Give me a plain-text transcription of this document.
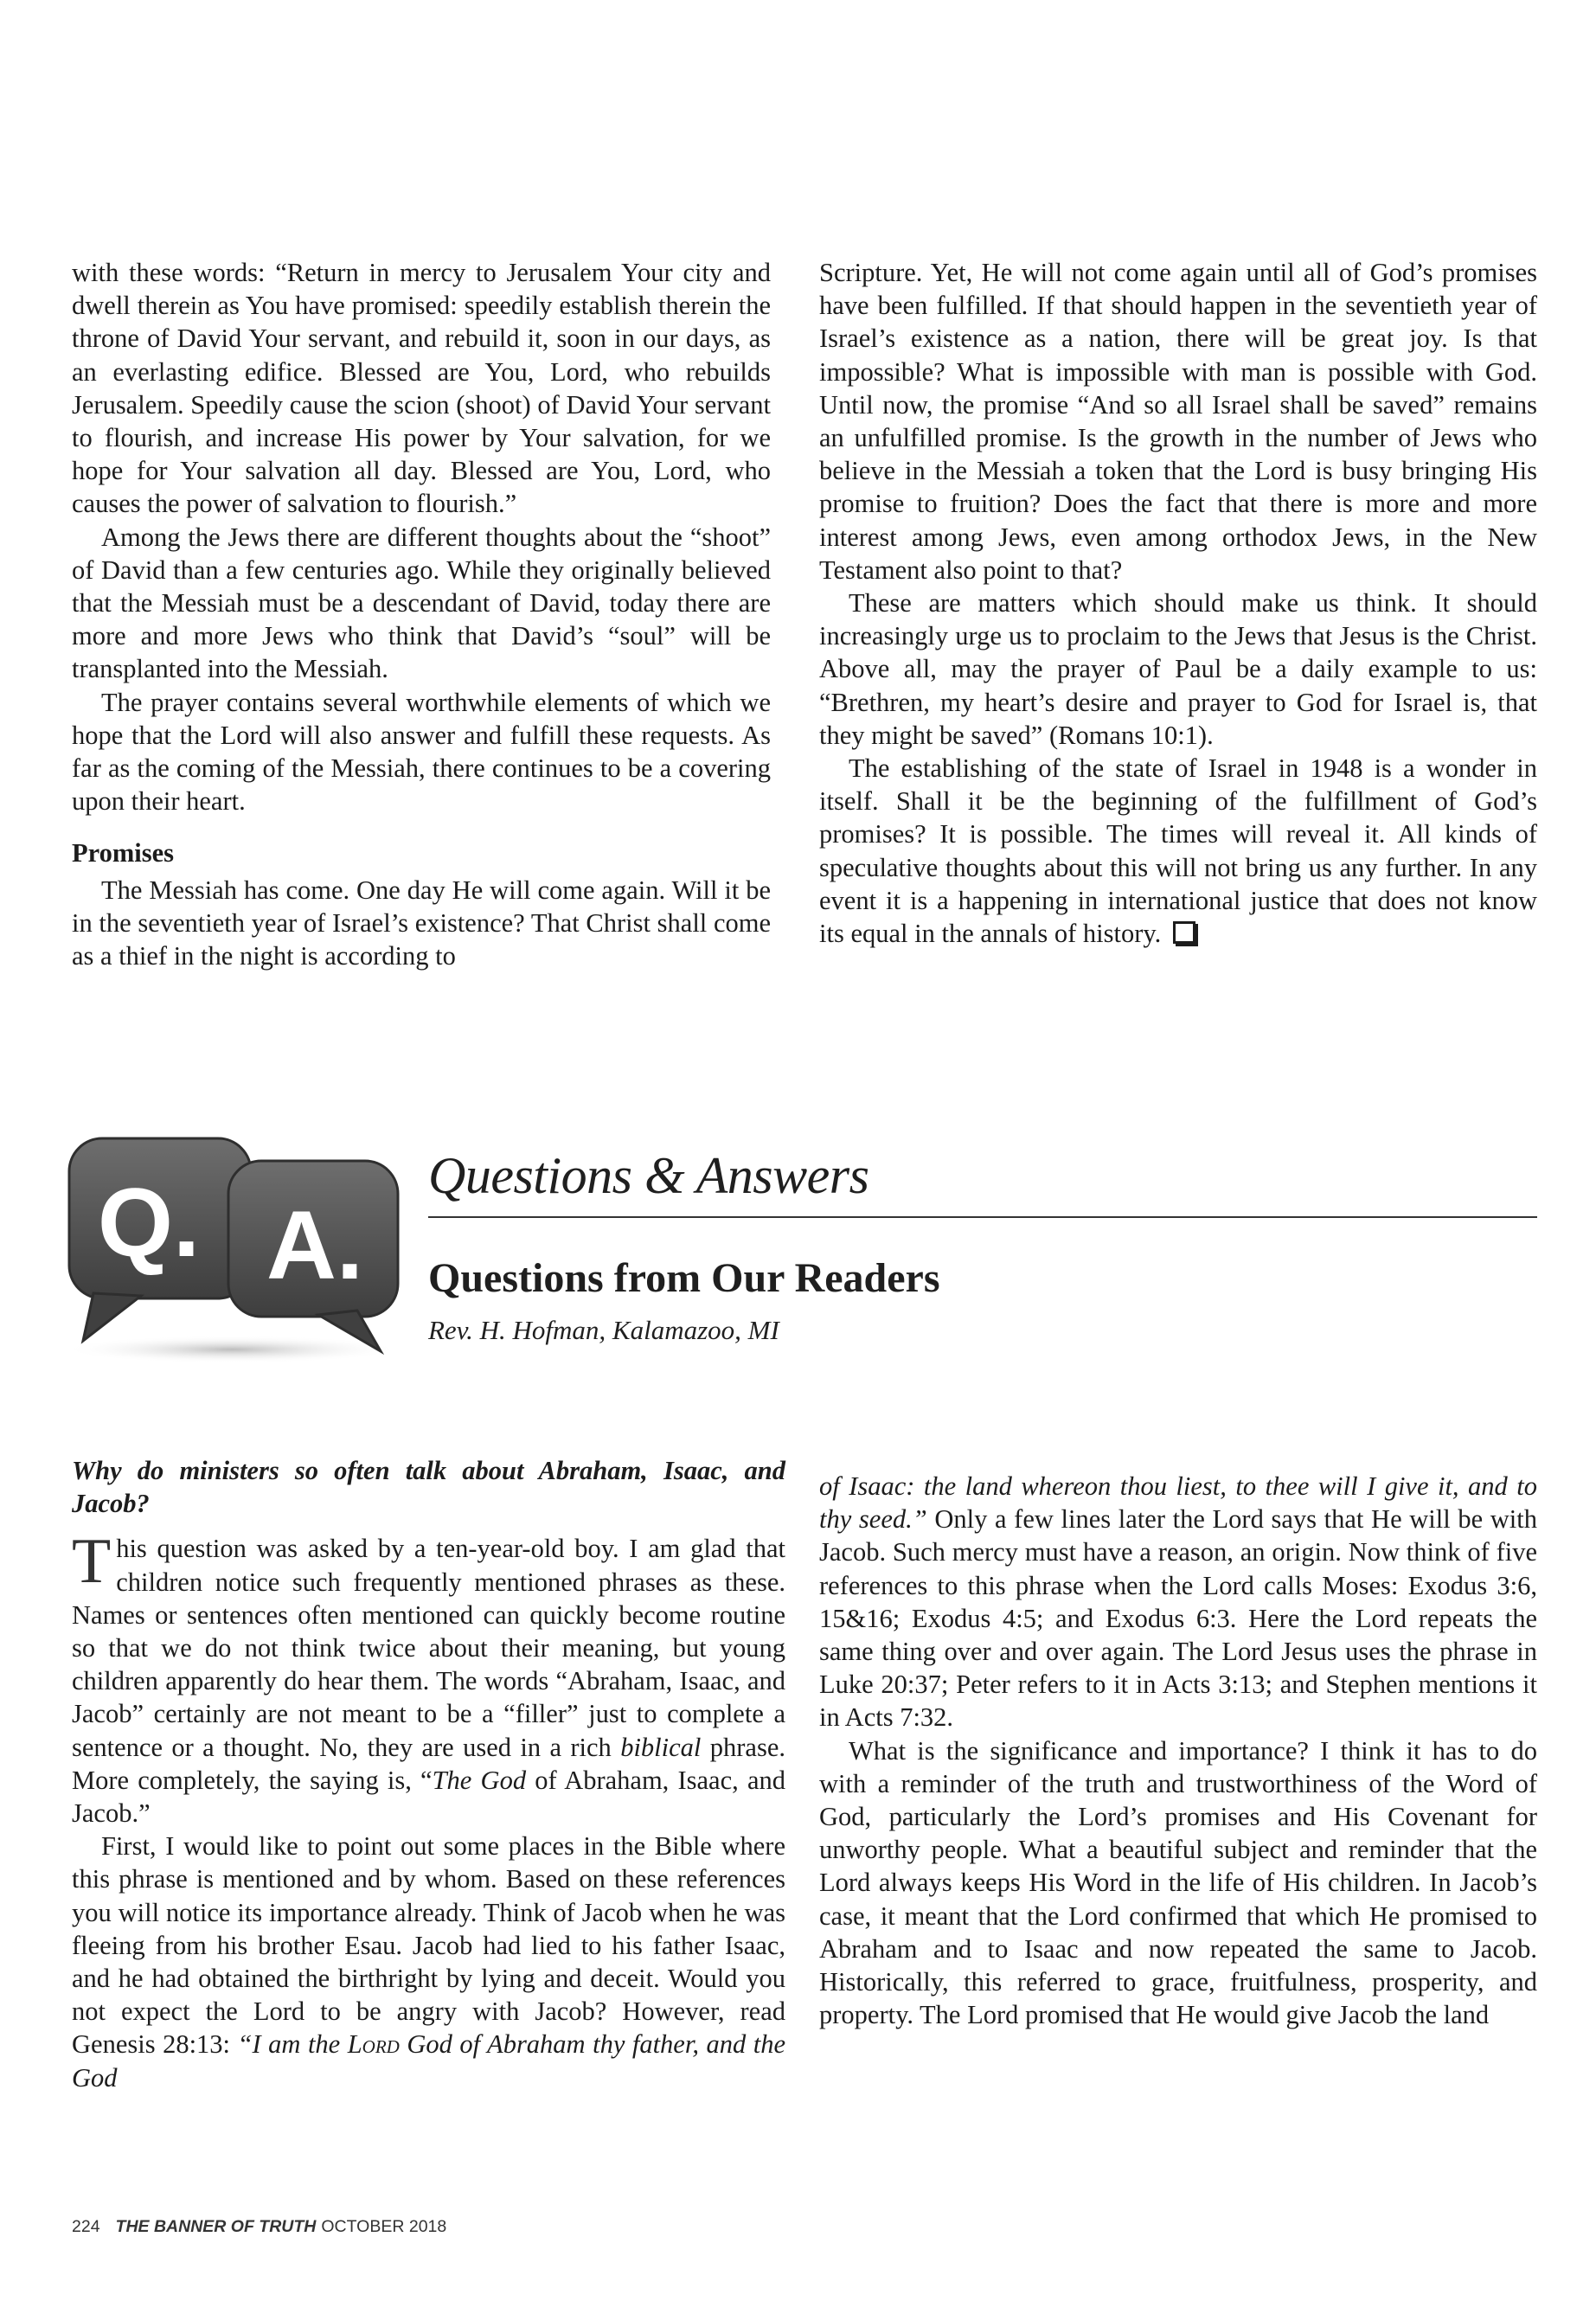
with these words: “Return in mercy to Jerusalem Your city and dwell therein as You have promised: speedily establish therein the throne of David Your servant, and rebuild it, soon in our days, as an everlasting edifice. Blessed are You, Lord, who rebuilds Jerusalem. Speedily cause the scion (shoot) of David Your servant to flourish, and increase His power by Your salvation, for we hope for Your salvation all day. Blessed are You, Lord, who causes the power of salvation to flourish.”

Among the Jews there are different thoughts about the “shoot” of David than a few centuries ago. While they originally believed that the Messiah must be a descendant of David, today there are more and more Jews who think that David’s “soul” will be transplanted into the Messiah.

The prayer contains several worthwhile elements of which we hope that the Lord will also answer and fulfill these requests. As far as the coming of the Messiah, there continues to be a covering upon their heart.

Promises

The Messiah has come. One day He will come again. Will it be in the seventieth year of Israel’s existence? That Christ shall come as a thief in the night is according to

Scripture. Yet, He will not come again until all of God’s promises have been fulfilled. If that should happen in the seventieth year of Israel’s existence as a nation, there will be great joy. Is that impossible? What is impossible with man is possible with God. Until now, the promise “And so all Israel shall be saved” remains an unfulfilled promise. Is the growth in the number of Jews who believe in the Messiah a token that the Lord is busy bringing His promise to fruition? Does the fact that there is more and more interest among Jews, even among orthodox Jews, in the New Testament also point to that?

These are matters which should make us think. It should increasingly urge us to proclaim to the Jews that Jesus is the Christ. Above all, may the prayer of Paul be a daily example to us: “Brethren, my heart’s desire and prayer to God for Israel is, that they might be saved” (Romans 10:1).

The establishing of the state of Israel in 1948 is a wonder in itself. Shall it be the beginning of the fulfillment of God’s promises? It is possible. The times will reveal it. All kinds of speculative thoughts about this will not bring us any further. In any event it is a happening in international justice that does not know its equal in the annals of history.

Q. A.
Questions & Answers
Questions from Our Readers
Rev. H. Hofman, Kalamazoo, MI

Why do ministers so often talk about Abraham, Isaac, and Jacob?

This question was asked by a ten-year-old boy. I am glad that children notice such frequently mentioned phrases as these. Names or sentences often mentioned can quickly become routine so that we do not think twice about their meaning, but young children apparently do hear them. The words “Abraham, Isaac, and Jacob” certainly are not meant to be a “filler” just to complete a sentence or a thought. No, they are used in a rich biblical phrase. More completely, the saying is, “The God of Abraham, Isaac, and Jacob.”

First, I would like to point out some places in the Bible where this phrase is mentioned and by whom. Based on these references you will notice its importance already. Think of Jacob when he was fleeing from his brother Esau. Jacob had lied to his father Isaac, and he had obtained the birthright by lying and deceit. Would you not expect the Lord to be angry with Jacob? However, read Genesis 28:13: “I am the Lord God of Abraham thy father, and the God

of Isaac: the land whereon thou liest, to thee will I give it, and to thy seed.” Only a few lines later the Lord says that He will be with Jacob. Such mercy must have a reason, an origin. Now think of five references to this phrase when the Lord calls Moses: Exodus 3:6, 15&16; Exodus 4:5; and Exodus 6:3. Here the Lord repeats the same thing over and over again. The Lord Jesus uses the phrase in Luke 20:37; Peter refers to it in Acts 3:13; and Stephen mentions it in Acts 7:32.

What is the significance and importance? I think it has to do with a reminder of the truth and trustworthiness of the Word of God, particularly the Lord’s promises and His Covenant for unworthy people. What a beautiful subject and reminder that the Lord always keeps His Word in the life of His children. In Jacob’s case, it meant that the Lord confirmed that which He promised to Abraham and to Isaac and now repeated the same to Jacob. Historically, this referred to grace, fruitfulness, prosperity, and property. The Lord promised that He would give Jacob the land

224 THE BANNER OF TRUTH OCTOBER 2018
